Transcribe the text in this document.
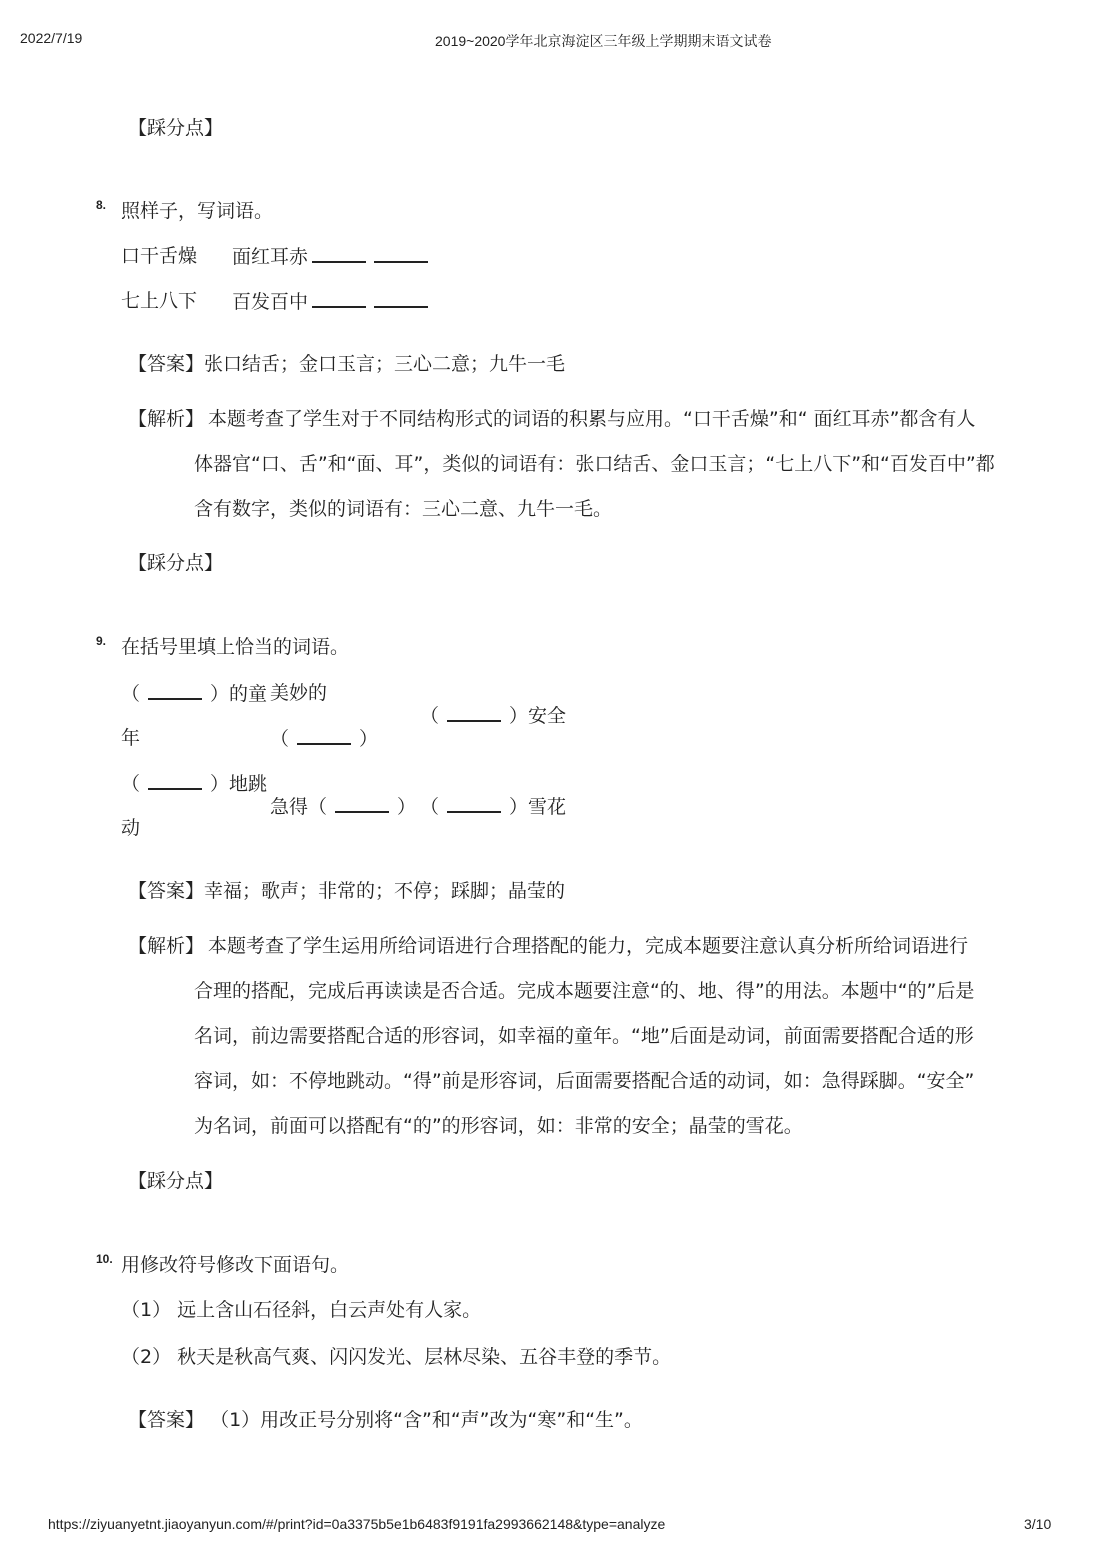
2022/7/19	2019~2020学年北京海淀区三年级上学期期末语文试卷
【踩分点】
8. 照样子，写词语。
口干舌燥 面红耳赤
七上八下 百发百中
【答案】张口结舌；金口玉言；三心二意；九牛一毛
【解析】 本题考查了学生对于不同结构形式的词语的积累与应用。“口干舌燥”和“ 面红耳赤”都含有人
体器官“口、舌”和“面、耳”，类似的词语有：张口结舌、金口玉言；“七上八下”和“百发百中”都
含有数字，类似的词语有：三心二意、九牛一毛。
【踩分点】
9. 在括号里填上恰当的词语。
（	）的童
年
美妙的
（	）
（	）安全
（	）地跳
动
急得（	） （	）雪花
【答案】幸福；歌声；非常的；不停；踩脚；晶莹的
【解析】 本题考查了学生运用所给词语进行合理搭配的能力，完成本题要注意认真分析所给词语进行
合理的搭配，完成后再读读是否合适。完成本题要注意“的、地、得”的用法。本题中“的”后是
名词，前边需要搭配合适的形容词，如幸福的童年。“地”后面是动词，前面需要搭配合适的形
容词，如：不停地跳动。“得”前是形容词，后面需要搭配合适的动词，如：急得踩脚。“安全”
为名词，前面可以搭配有“的”的形容词，如：非常的安全；晶莹的雪花。
【踩分点】
10. 用修改符号修改下面语句。
（1） 远上含山石径斜，白云声处有人家。
（2） 秋天是秋高气爽、闪闪发光、层林尽染、五谷丰登的季节。
【答案】 （1）用改正号分别将“含”和“声”改为“寒”和“生”。
https://ziyuanyetnt.jiaoyanyun.com/#/print?id=0a3375b5e1b6483f9191fa2993662148&type=analyze	3/10
